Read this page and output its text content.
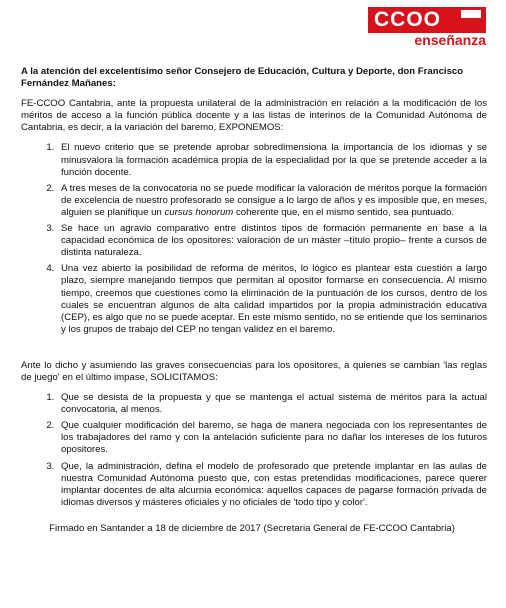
CCOO
enseñanza

A la atención del excelentísimo señor Consejero de Educación, Cultura y Deporte, don Francisco Fernández Mañanes:

FE-CCOO Cantabria, ante la propuesta unilateral de la administración en relación a la modificación de los méritos de acceso a la función pública docente y a las listas de interinos de la Comunidad Autónoma de Cantabria, es decir, a la variación del baremo, EXPONEMOS:

1. El nuevo criterio que se pretende aprobar sobredimensiona la importancia de los idiomas y se minusvalora la formación académica propia de la especialidad por la que se pretende acceder a la función docente.
2. A tres meses de la convocatoria no se puede modificar la valoración de méritos porque la formación de excelencia de nuestro profesorado se consigue a lo largo de años y es imposible que, en meses, alguien se planifique un cursus honorum coherente que, en el mismo sentido, sea puntuado.
3. Se hace un agravio comparativo entre distintos tipos de formación permanente en base a la capacidad económica de los opositores: valoración de un máster –título propio– frente a cursos de distinta naturaleza.
4. Una vez abierto la posibilidad de reforma de méritos, lo lógico es plantear esta cuestión a largo plazo, siempre manejando tiempos que permitan al opositor formarse en consecuencia. Al mismo tiempo, creemos que cuestiones como la eliminación de la puntuación de los cursos, dentro de los cuales se encuentran algunos de alta calidad impartidos por la propia administración educativa (CEP), es algo que no se puede aceptar. En este mismo sentido, no se entiende que los seminarios y los grupos de trabajo del CEP no tengan validez en el baremo.

Ante lo dicho y asumiendo las graves consecuencias para los opositores, a quienes se cambian 'las reglas de juego' en el último impase, SOLICITAMOS:

1. Que se desista de la propuesta y que se mantenga el actual sistema de méritos para la actual convocatoria, al menos.
2. Que cualquier modificación del baremo, se haga de manera negociada con los representantes de los trabajadores del ramo y con la antelación suficiente para no dañar los intereses de los futuros opositores.
3. Que, la administración, defina el modelo de profesorado que pretende implantar en las aulas de nuestra Comunidad Autónoma puesto que, con estas pretendidas modificaciones, parece querer implantar docentes de alta alcurnia económica: aquellos capaces de pagarse formación privada de idiomas diversos y másteres oficiales y no oficiales de 'todo tipo y color'.

Firmado en Santander a 18 de diciembre de 2017 (Secretaria General de FE-CCOO Cantabria)
